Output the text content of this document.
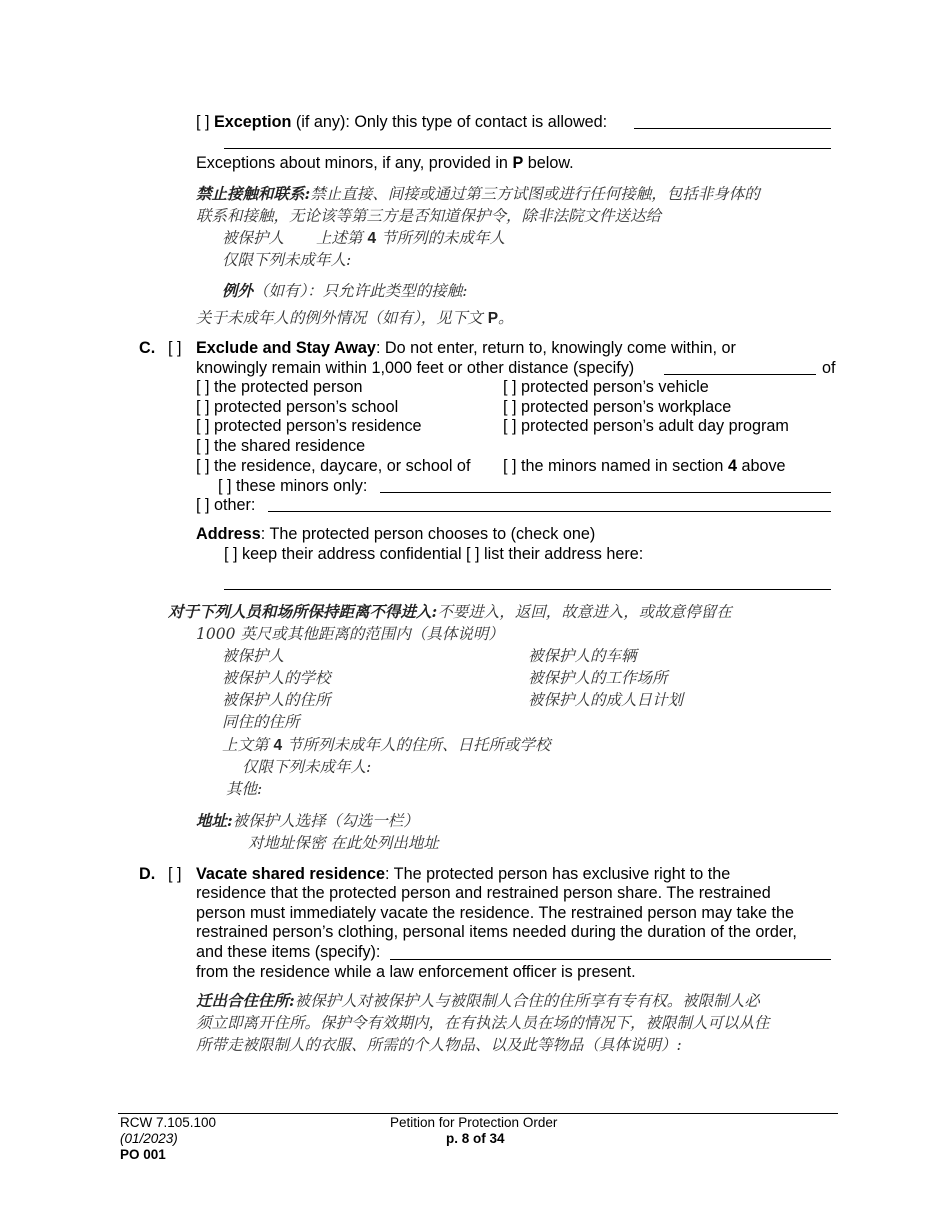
[ ] Exception (if any): Only this type of contact is allowed:
Exceptions about minors, if any, provided in P below.
禁止接触和联系:禁止直接、间接或通过第三方试图或进行任何接触，包括非身体的
联系和接触，无论该等第三方是否知道保护令，除非法院文件送达给
被保护人 上述第 4 节所列的未成年人
仅限下列未成年人:
例外（如有）：只允许此类型的接触:
关于未成年人的例外情况（如有），见下文 P。
C. [ ] Exclude and Stay Away: Do not enter, return to, knowingly come within, or
knowingly remain within 1,000 feet or other distance (specify)	of
[ ] the protected person
[ ] protected person’s school
[ ] protected person’s residence
[ ] the shared residence
[ ] the residence, daycare, or school of
[ ] protected person’s vehicle
[ ] protected person’s workplace
[ ] protected person’s adult day program
[ ] the minors named in section 4 above
[ ] these minors only:
[ ] other:
Address: The protected person chooses to (check one)
[ ] keep their address confidential [ ] list their address here:
对于下列人员和场所保持距离不得进入:不要进入，返回，故意进入，或故意停留在
1000 英尺或其他距离的范围内（具体说明）
被保护人
被保护人的学校
被保护人的住所
同住的住所
被保护人的车辆
被保护人的工作场所
被保护人的成人日计划
上文第 4 节所列未成年人的住所、日托所或学校
仅限下列未成年人:
其他:
地址:被保护人选择（勾选一栏）
对地址保密 在此处列出地址
D. [ ] Vacate shared residence: The protected person has exclusive right to the
residence that the protected person and restrained person share. The restrained
person must immediately vacate the residence. The restrained person may take the
restrained person’s clothing, personal items needed during the duration of the order,
and these items (specify):
from the residence while a law enforcement officer is present.
迁出合住住所:被保护人对被保护人与被限制人合住的住所享有专有权。被限制人必
须立即离开住所。保护令有效期内，在有执法人员在场的情况下，被限制人可以从住
所带走被限制人的衣服、所需的个人物品、以及此等物品（具体说明）:
RCW 7.105.100
(01/2023)
PO 001
Petition for Protection Order
p. 8 of 34
